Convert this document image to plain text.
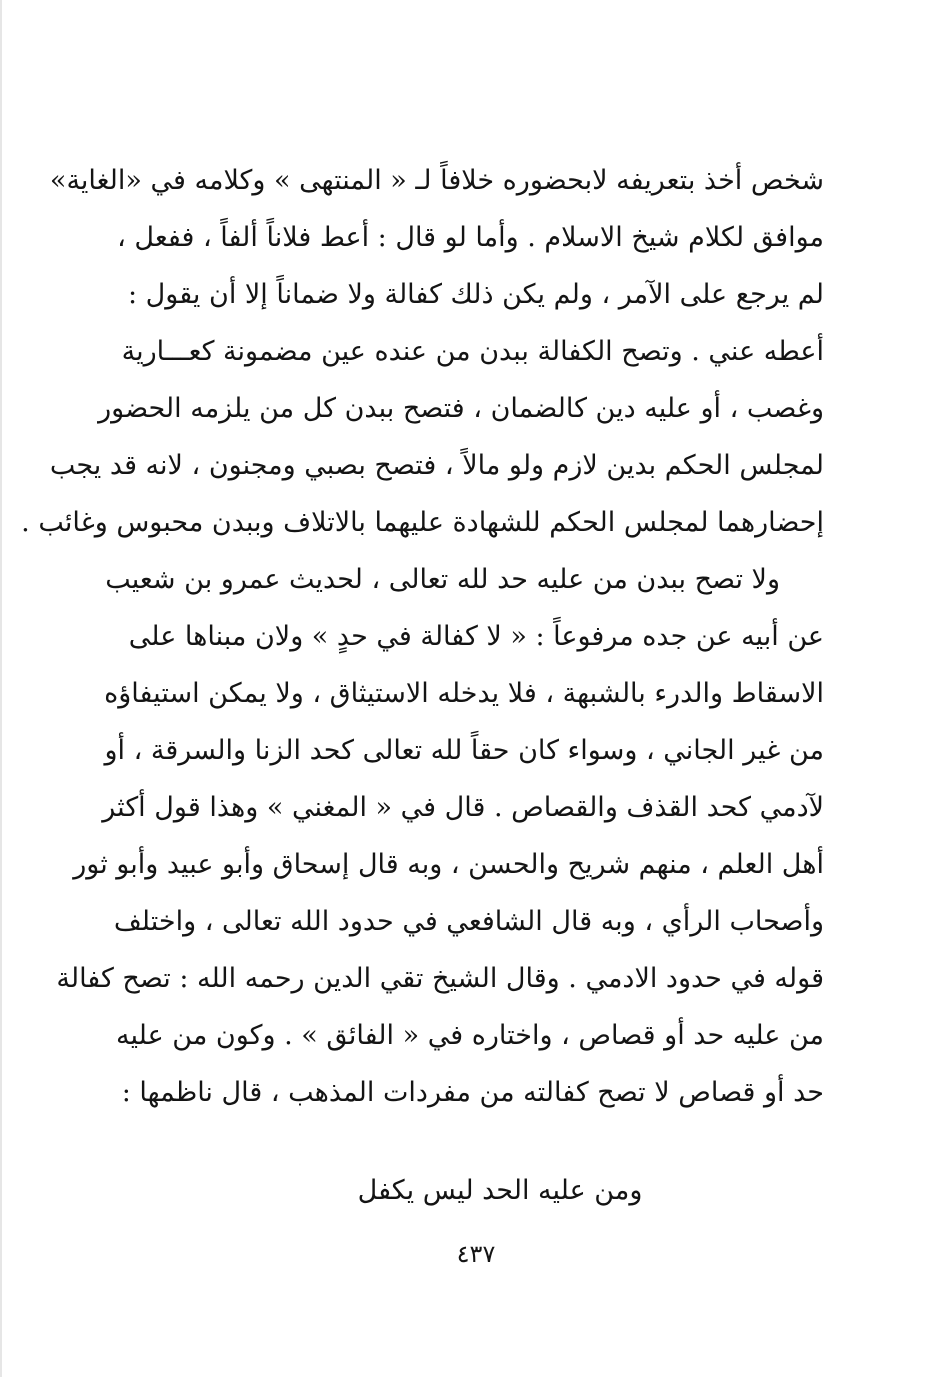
شخص أخذ بتعريفه لابحضوره خلافاً لـ « المنتهى » وكلامه في «الغاية»
موافق لكلام شيخ الاسلام . وأما لو قال : أعط فلاناً ألفاً ، ففعل ،
لم يرجع على الآمر ، ولم يكن ذلك كفالة ولا ضماناً إلا أن يقول :
أعطه عني . وتصح الكفالة ببدن من عنده عين مضمونة كعـــارية
وغصب ، أو عليه دين كالضمان ، فتصح ببدن كل من يلزمه الحضور
لمجلس الحكم بدين لازم ولو مالاً ، فتصح بصبي ومجنون ، لانه قد يجب
إحضارهما لمجلس الحكم للشهادة عليهما بالاتلاف وببدن محبوس وغائب .
ولا تصح ببدن من عليه حد لله تعالى ، لحديث عمرو بن شعيب
عن أبيه عن جده مرفوعاً : « لا كفالة في حدٍ » ولان مبناها على
الاسقاط والدرء بالشبهة ، فلا يدخله الاستيثاق ، ولا يمكن استيفاؤه
من غير الجاني ، وسواء كان حقاً لله تعالى كحد الزنا والسرقة ، أو
لآدمي كحد القذف والقصاص . قال في « المغني » وهذا قول أكثر
أهل العلم ، منهم شريح والحسن ، وبه قال إسحاق وأبو عبيد وأبو ثور
وأصحاب الرأي ، وبه قال الشافعي في حدود الله تعالى ، واختلف
قوله في حدود الادمي . وقال الشيخ تقي الدين رحمه الله : تصح كفالة
من عليه حد أو قصاص ، واختاره في « الفائق » . وكون من عليه
حد أو قصاص لا تصح كفالته من مفردات المذهب ، قال ناظمها :
ومن عليه الحد ليس يكفل
٤٣٧
